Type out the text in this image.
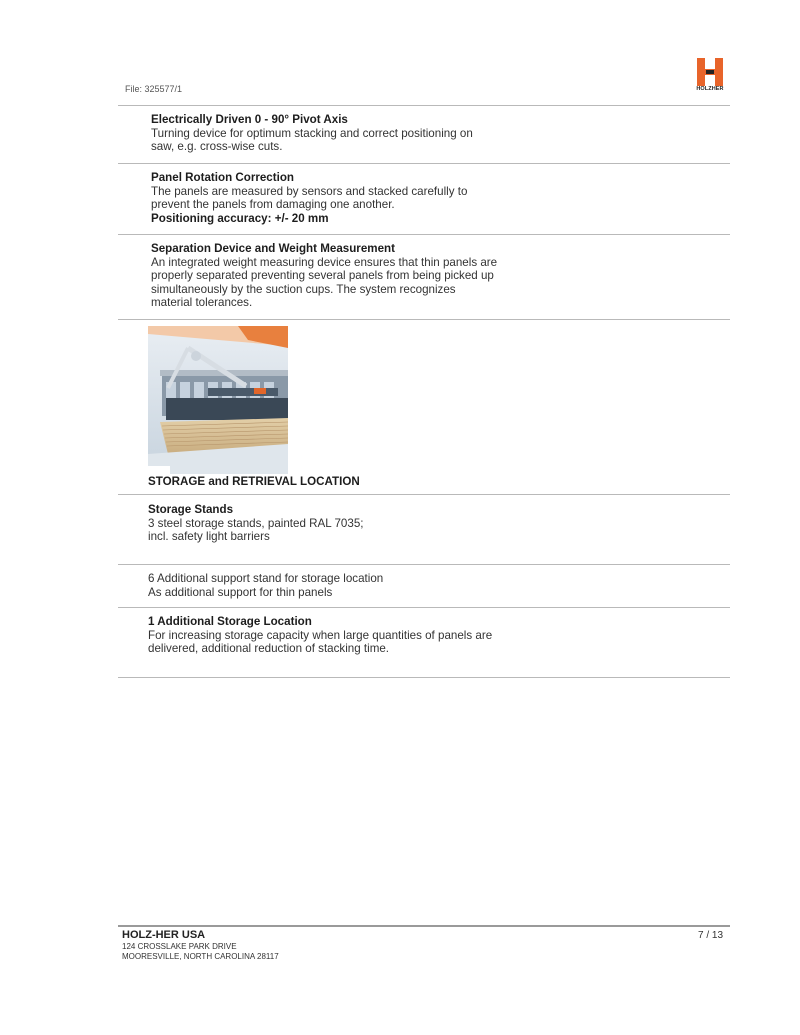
File: 325577/1	HOLZHER
Electrically Driven 0 - 90° Pivot Axis
Turning device for optimum stacking and correct positioning on
saw, e.g. cross-wise cuts.
Panel Rotation Correction
The panels are measured by sensors and stacked carefully to
prevent the panels from damaging one another.
Positioning accuracy: +/- 20 mm
Separation Device and Weight Measurement
An integrated weight measuring device ensures that thin panels are
properly separated preventing several panels from being picked up
simultaneously by the suction cups. The system recognizes
material tolerances.
STORAGE and RETRIEVAL LOCATION
Storage Stands
3 steel storage stands, painted RAL 7035;
incl. safety light barriers
6 Additional support stand for storage location
As additional support for thin panels
1 Additional Storage Location
For increasing storage capacity when large quantities of panels are
delivered, additional reduction of stacking time.
HOLZ-HER USA
124 CROSSLAKE PARK DRIVE
MOORESVILLE, NORTH CAROLINA 28117
7 / 13
